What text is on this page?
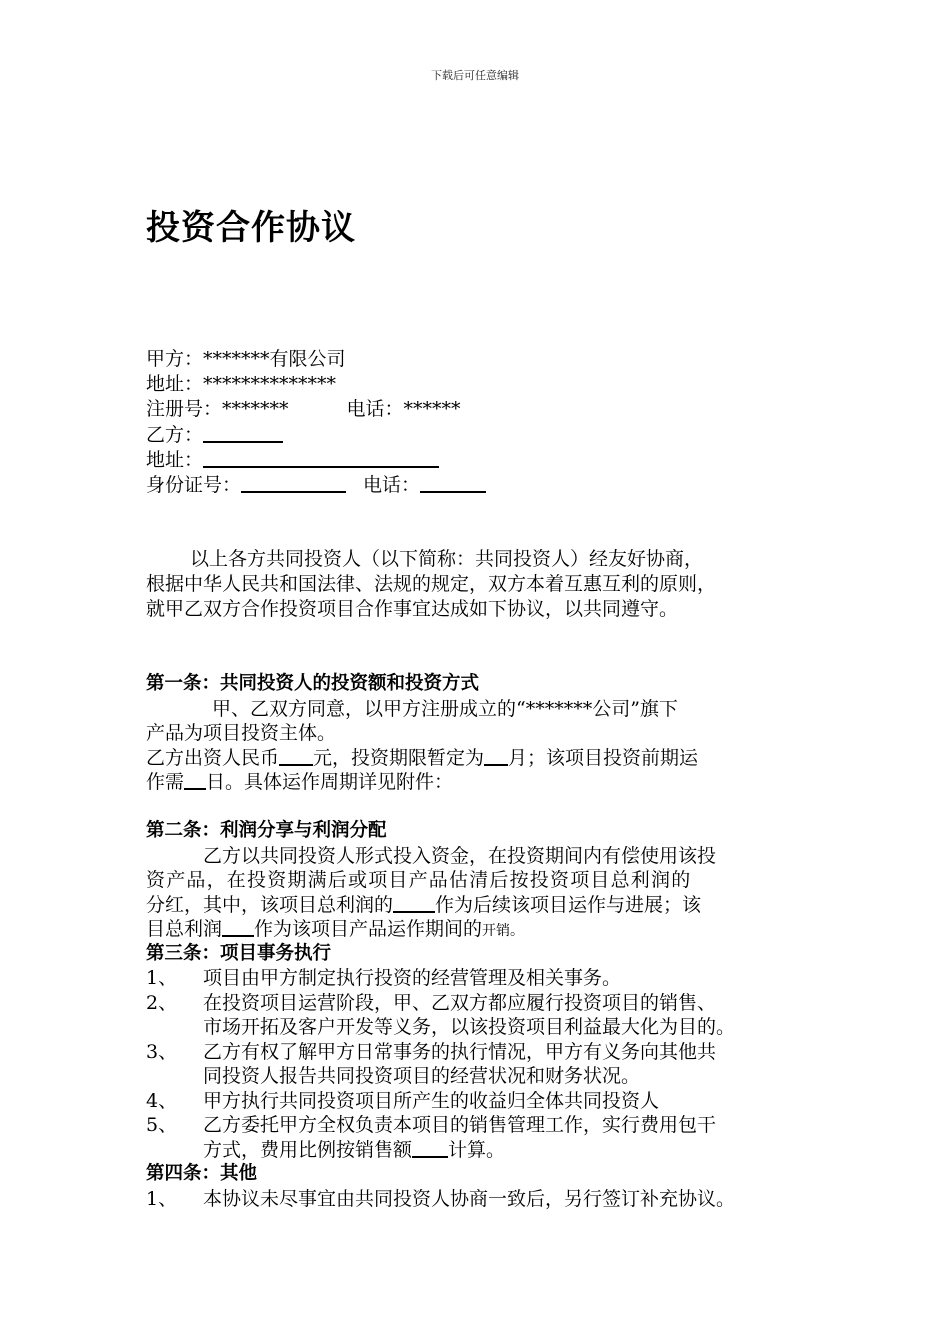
下载后可任意编辑
投资合作协议
甲方：*******有限公司
地址：**************
注册号：*******	电话：******
乙方：
地址：
身份证号：	电话：

以上各方共同投资人（以下简称：共同投资人）经友好协商，

根据中华人民共和国法律、法规的规定，双方本着互惠互利的原则，

就甲乙双方合作投资项目合作事宜达成如下协议，以共同遵守。

第一条：共同投资人的投资额和投资方式
甲、乙双方同意，以甲方注册成立的“*******公司”旗下
产品为项目投资主体。
乙方出资人民币 元，投资期限暂定为 月；该项目投资前期运
作需 日。具体运作周期详见附件：
第二条：利润分享与利润分配
乙方以共同投资人形式投入资金，在投资期间内有偿使用该投
资产品，在投资期满后或项目产品估清后按投资项目总利润的
分红，其中，该项目总利润的 作为后续该项目运作与进展；该
目总利润 作为该项目产品运作期间的开销。
第三条：项目事务执行
1、 项目由甲方制定执行投资的经营管理及相关事务。
2、 在投资项目运营阶段，甲、乙双方都应履行投资项目的销售、
市场开拓及客户开发等义务，以该投资项目利益最大化为目的。
3、 乙方有权了解甲方日常事务的执行情况，甲方有义务向其他共
同投资人报告共同投资项目的经营状况和财务状况。
4、 甲方执行共同投资项目所产生的收益归全体共同投资人
5、 乙方委托甲方全权负责本项目的销售管理工作，实行费用包干
方式，费用比例按销售额 计算。
第四条：其他
1、 本协议未尽事宜由共同投资人协商一致后，另行签订补充协议。
